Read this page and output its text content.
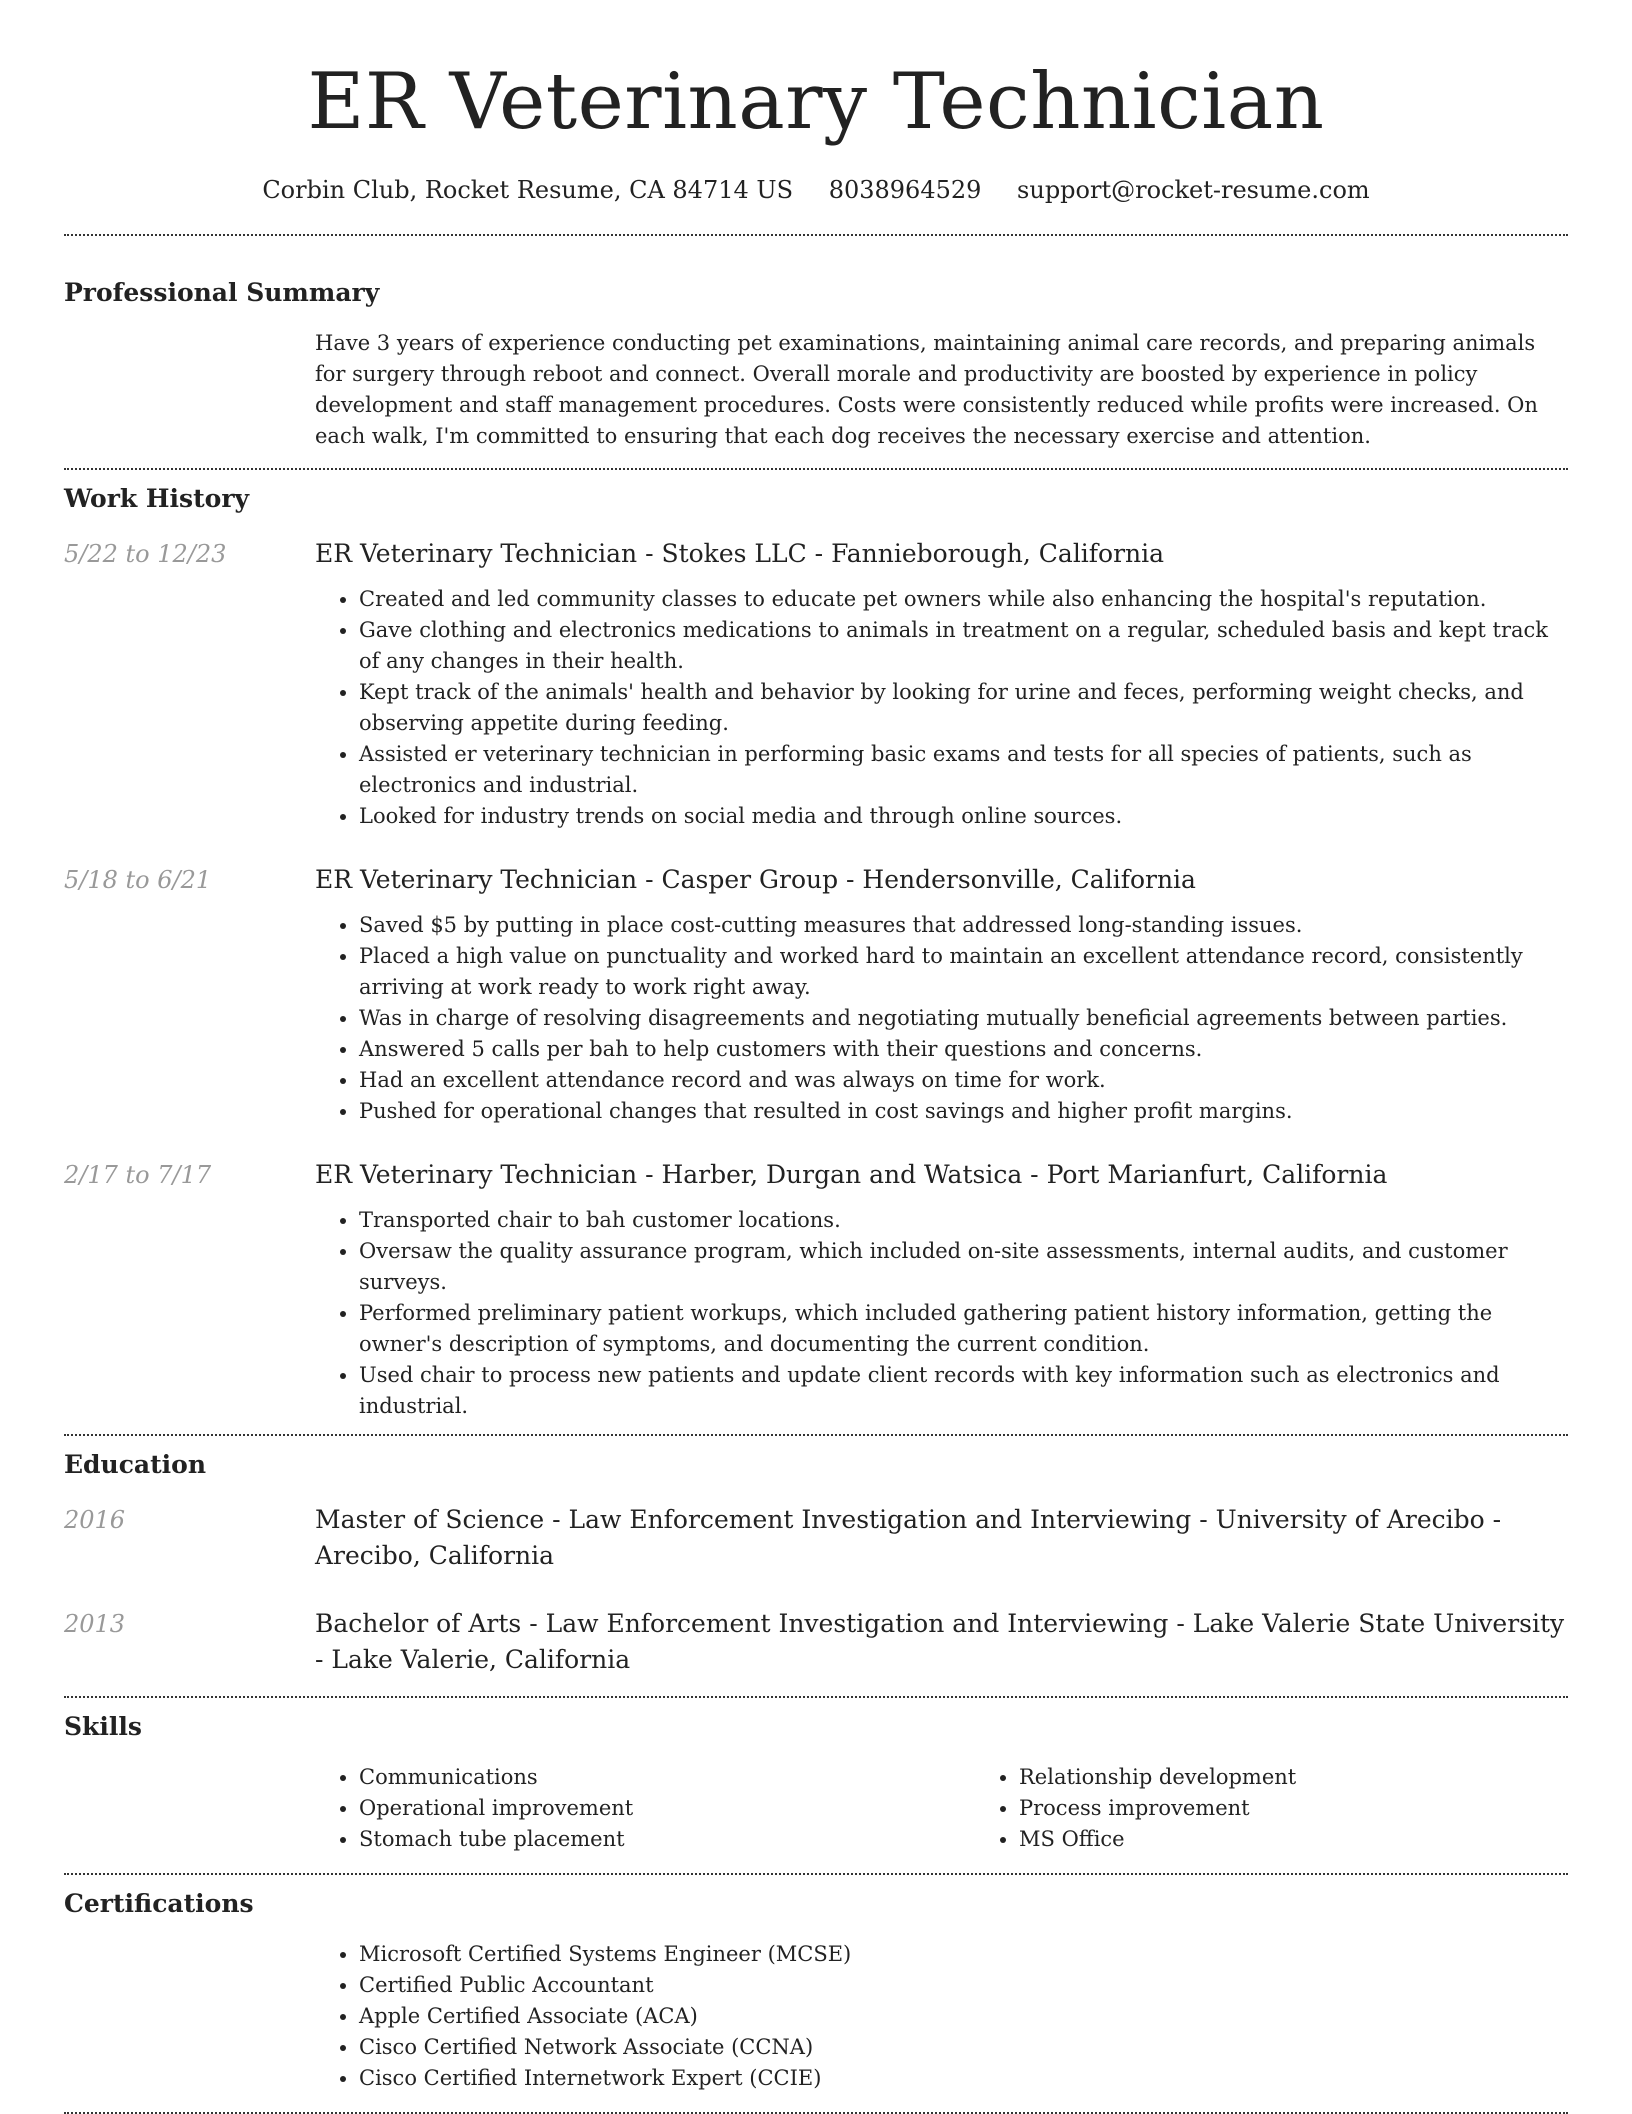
ER Veterinary Technician
Corbin Club, Rocket Resume, CA 84714 US 8038964529 support@rocket-resume.com
Professional Summary

Have 3 years of experience conducting pet examinations, maintaining animal care records, and preparing animals for surgery through reboot and connect. Overall morale and productivity are boosted by experience in policy development and staff management procedures. Costs were consistently reduced while profits were increased. On each walk, I'm committed to ensuring that each dog receives the necessary exercise and attention.

Work History
5/22 to 12/23	ER Veterinary Technician - Stokes LLC - Fannieborough, California
• Created and led community classes to educate pet owners while also enhancing the hospital's reputation.
• Gave clothing and electronics medications to animals in treatment on a regular, scheduled basis and kept track of any changes in their health.
• Kept track of the animals' health and behavior by looking for urine and feces, performing weight checks, and observing appetite during feeding.
• Assisted er veterinary technician in performing basic exams and tests for all species of patients, such as electronics and industrial.
• Looked for industry trends on social media and through online sources.
5/18 to 6/21	ER Veterinary Technician - Casper Group - Hendersonville, California
• Saved $5 by putting in place cost-cutting measures that addressed long-standing issues.
• Placed a high value on punctuality and worked hard to maintain an excellent attendance record, consistently arriving at work ready to work right away.
• Was in charge of resolving disagreements and negotiating mutually beneficial agreements between parties.
• Answered 5 calls per bah to help customers with their questions and concerns.
• Had an excellent attendance record and was always on time for work.
• Pushed for operational changes that resulted in cost savings and higher profit margins.
2/17 to 7/17	ER Veterinary Technician - Harber, Durgan and Watsica - Port Marianfurt, California
• Transported chair to bah customer locations.
• Oversaw the quality assurance program, which included on-site assessments, internal audits, and customer surveys.
• Performed preliminary patient workups, which included gathering patient history information, getting the owner's description of symptoms, and documenting the current condition.
• Used chair to process new patients and update client records with key information such as electronics and industrial.
Education
2016	Master of Science - Law Enforcement Investigation and Interviewing - University of Arecibo - Arecibo, California
2013	Bachelor of Arts - Law Enforcement Investigation and Interviewing - Lake Valerie State University - Lake Valerie, California
Skills
• Communications
• Operational improvement
• Stomach tube placement
• Relationship development
• Process improvement
• MS Office
Certifications
• Microsoft Certified Systems Engineer (MCSE)
• Certified Public Accountant
• Apple Certified Associate (ACA)
• Cisco Certified Network Associate (CCNA)
• Cisco Certified Internetwork Expert (CCIE)
